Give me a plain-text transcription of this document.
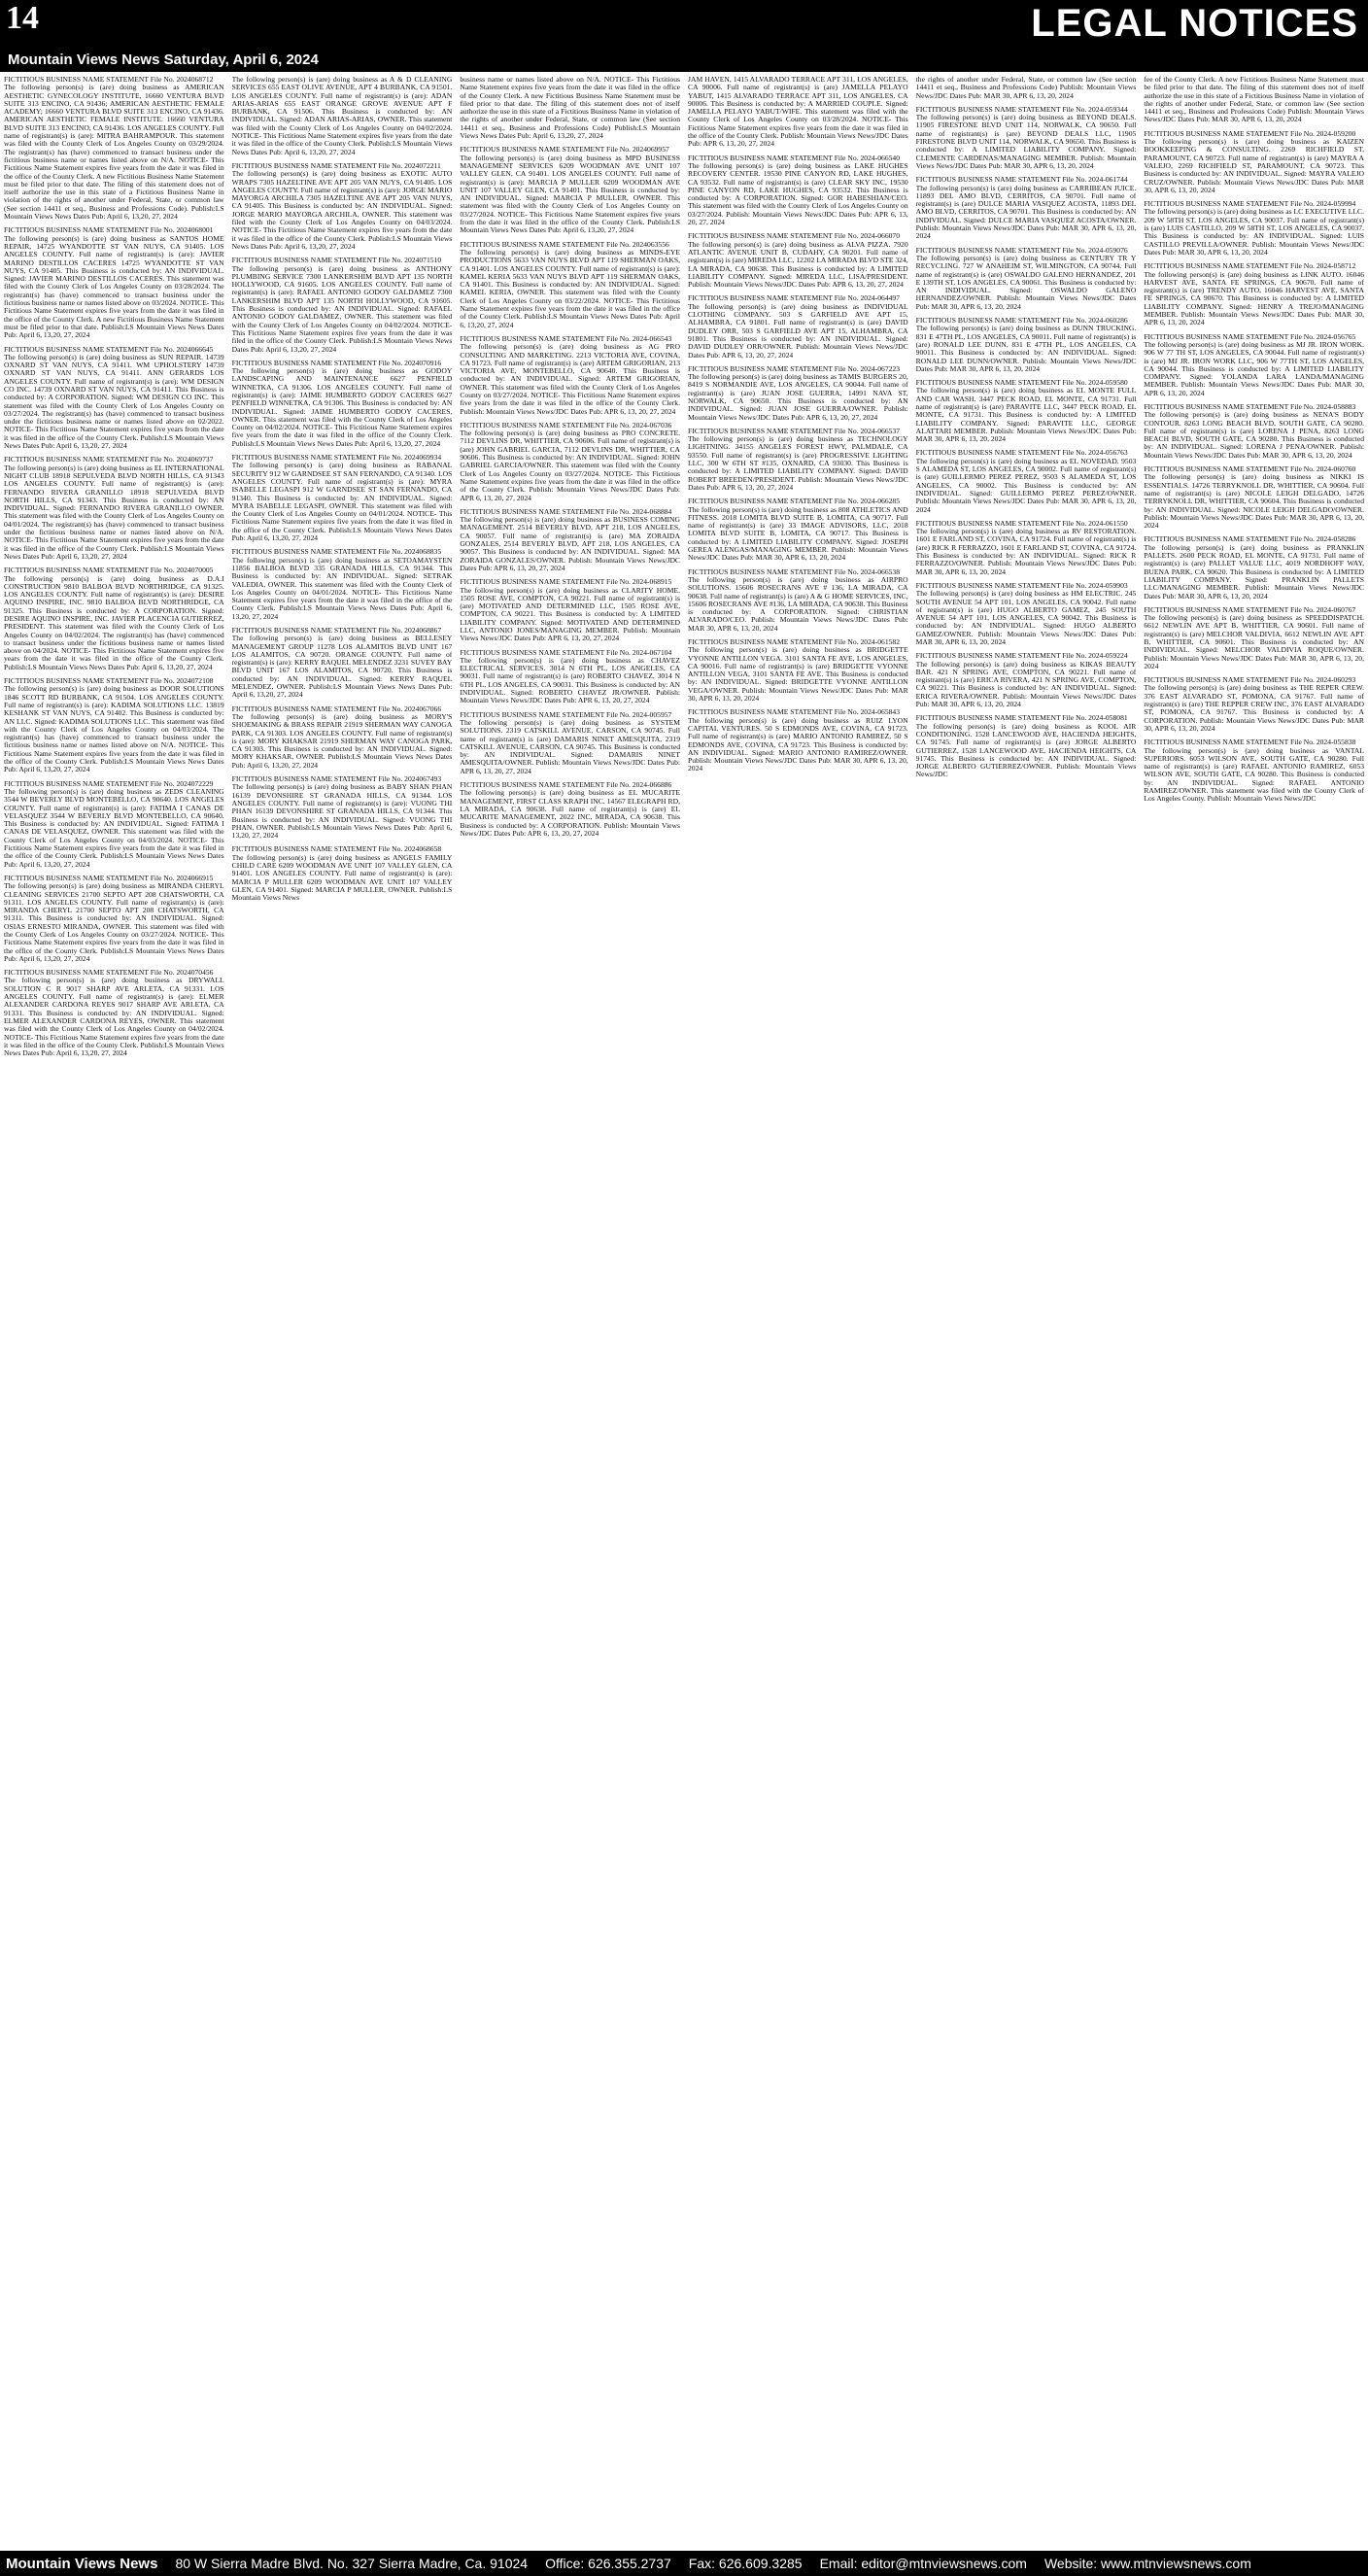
14	LEGAL NOTICES
Mountain Views News Saturday, April 6, 2024
FICTITIOUS BUSINESS NAME STATEMENT File No. 2024068712
The following person(s) is (are) doing business as AMERICAN AESTHETIC GYNECOLOGY INSTITUTE, 16660 VENTURA BLVD SUITE 313 ENCINO, CA 91436; AMERICAN AESTHETIC FEMALE ACADEMY; 16660 VENTURA BLVD SUITE 313 ENCINO, CA 91436. AMERICAN AESTHETIC FEMALE INSTITUTE. 16660 VENTURA BLVD SUITE 313 ENCINO, CA 91436. LOS ANGELES COUNTY. Full name of registrant(s) is (are): MITRA BAHRAMPOUR. This statement was filed with the County Clerk of Los Angeles County on 03/29/2024. The registrant(s) has (have) commenced to transact business under the fictitious business name or names listed above on N/A. NOTICE- This Fictitious Name Statement expires five years from the date it was filed in the office of the County Clerk. A new Fictitious Business Name Statement must be filed prior to that date. The filing of this statement does not of itself authorize the use in this state of a Fictitious Business Name in violation of the rights of another under Federal, State, or common law (See section 14411 et seq., Business and Professions Code). Publish:LS Mountain Views News Dates Pub: April 6, 13,20, 27, 2024
FICTITIOUS BUSINESS NAME STATEMENT File No. 2024068001
The following person(s) is (are) doing business as SANTOS HOME REPAIR, 14725 WYANDOTTE ST VAN NUYS, CA 91405. LOS ANGELES COUNTY. Full name of registrant(s) is (are): JAVIER MARINO DESTILLOS CACERES 14725 WYANDOTTE ST VAN NUYS, CA 91405. This Business is conducted by: AN INDIVIDUAL. Signed: JAVIER MARINO DESTILLOS CACERES. This statement was filed with the County Clerk of Los Angeles County on 03/28/2024. The registrant(s) has (have) commenced to transact business under the fictitious business name or names listed above on 03/2024. NOTICE- This Fictitious Name Statement expires five years from the date it was filed in the office of the County Clerk. A new Fictitious Business Name Statement must be filed prior to that date. Publish:LS Mountain Views News Dates Pub: April 6, 13,20, 27, 2024
FICTITIOUS BUSINESS NAME STATEMENT File No. 2024066645
The following person(s) is (are) doing business as SUN REPAIR. 14739 OXNARD ST VAN NUYS, CA 91411. WM UPHOLSTERY 14739 OXNARD ST VAN NUYS, CA 91411. ANN GERARDS LOS ANGELES COUNTY. Full name of registrant(s) is (are): WM DESIGN CO INC. 14739 OXNARD ST VAN NUYS, CA 91411. This Business is conducted by: A CORPORATION. Signed: WM DESIGN CO INC. This statement was filed with the County Clerk of Los Angeles County on 03/27/2024. The registrant(s) has (have) commenced to transact business under the fictitious business name or names listed above on 02/2022. NOTICE- This Fictitious Name Statement expires five years from the date it was filed in the office of the County Clerk. Publish:LS Mountain Views News Dates Pub: April 6, 13,20, 27, 2024
FICTITIOUS BUSINESS NAME STATEMENT File No. 2024069737
The following person(s) is (are) doing business as EL INTERNATIONAL NIGHT CLUB 18918 SEPULVEDA BLVD NORTH HILLS, CA 91343 LOS ANGELES COUNTY. Full name of registrant(s) is (are): FERNANDO RIVERA GRANILLO 18918 SEPULVEDA BLVD NORTH HILLS, CA 91343. This Business is conducted by: AN INDIVIDUAL. Signed: FERNANDO RIVERA GRANILLO OWNER. This statement was filed with the County Clerk of Los Angeles County on 04/01/2024. The registrant(s) has (have) commenced to transact business under the fictitious business name or names listed above on N/A. NOTICE- This Fictitious Name Statement expires five years from the date it was filed in the office of the County Clerk. Publish:LS Mountain Views News Dates Pub: April 6, 13,20, 27, 2024
FICTITIOUS BUSINESS NAME STATEMENT File No. 2024070005
The following person(s) is (are) doing business as D.A.I CONSTRUCTION 9810 BALBOA BLVD NORTHRIDGE, CA 91325. LOS ANGELES COUNTY. Full name of registrant(s) is (are): DESIRE AQUINO INSPIRE, INC. 9810 BALBOA BLVD NORTHRIDGE, CA 91325. This Business is conducted by: A CORPORATION. Signed: DESIRE AQUINO INSPIRE, INC. JAVIER PLACENCIA GUTIERREZ, PRESIDENT. This statement was filed with the County Clerk of Los Angeles County on 04/02/2024. The registrant(s) has (have) commenced to transact business under the fictitious business name or names listed above on 04/2024. NOTICE- This Fictitious Name Statement expires five years from the date it was filed in the office of the County Clerk. Publish:LS Mountain Views News Dates Pub: April 6, 13,20, 27, 2024
FICTITIOUS BUSINESS NAME STATEMENT File No. 2024072108
The following person(s) is (are) doing business as DOOR SOLUTIONS 1846 SCOTT RD BURBANK, CA 91504. LOS ANGELES COUNTY. Full name of registrant(s) is (are): KADIMA SOLUTIONS LLC. 13819 KESHANK ST VAN NUYS, CA 91402. This Business is conducted by: AN LLC. Signed: KADIMA SOLUTIONS LLC. This statement was filed with the County Clerk of Los Angeles County on 04/03/2024. The registrant(s) has (have) commenced to transact business under the fictitious business name or names listed above on N/A. NOTICE- This Fictitious Name Statement expires five years from the date it was filed in the office of the County Clerk. Publish:LS Mountain Views News Dates Pub: April 6, 13,20, 27, 2024
FICTITIOUS BUSINESS NAME STATEMENT File No. 2024072229
The following person(s) is (are) doing business as ZEDS CLEANING 3544 W BEVERLY BLVD MONTEBELLO, CA 90640. LOS ANGELES COUNTY. Full name of registrant(s) is (are): FATIMA I CANAS DE VELASQUEZ 3544 W BEVERLY BLVD MONTEBELLO, CA 90640. This Business is conducted by: AN INDIVIDUAL. Signed: FATIMA I CANAS DE VELASQUEZ, OWNER. This statement was filed with the County Clerk of Los Angeles County on 04/03/2024. NOTICE- This Fictitious Name Statement expires five years from the date it was filed in the office of the County Clerk. Publish:LS Mountain Views News Dates Pub: April 6, 13,20, 27, 2024
FICTITIOUS BUSINESS NAME STATEMENT File No. 2024066915
The following person(s) is (are) doing business as MIRANDA CHERYL CLEANING SERVICES 21700 SEPTO APT 208 CHATSWORTH, CA 91311. LOS ANGELES COUNTY. Full name of registrant(s) is (are): MIRANDA CHERYL 21700 SEPTO APT 208 CHATSWORTH, CA 91311. This Business is conducted by: AN INDIVIDUAL. Signed: OSIAS ERNESTO MIRANDA, OWNER. This statement was filed with the County Clerk of Los Angeles County on 03/27/2024. NOTICE- This Fictitious Name Statement expires five years from the date it was filed in the office of the County Clerk. Publish:LS Mountain Views News Dates Pub: April 6, 13,20, 27, 2024
FICTITIOUS BUSINESS NAME STATEMENT File No. 2024070456
The following person(s) is (are) doing business as DRYWALL SOLUTION C R 9017 SHARP AVE ARLETA, CA 91331. LOS ANGELES COUNTY. Full name of registrant(s) is (are): ELMER ALEXANDER CARDONA REYES 9017 SHARP AVE ARLETA, CA 91331. This Business is conducted by: AN INDIVIDUAL. Signed: ELMER ALEXANDER CARDONA REYES, OWNER. This statement was filed with the County Clerk of Los Angeles County on 04/02/2024. NOTICE- This Fictitious Name Statement expires five years from the date it was filed in the office of the County Clerk. Publish:LS Mountain Views News Dates Pub: April 6, 13,20, 27, 2024
The following person(s) is (are) doing business as A & D CLEANING SERVICES 655 EAST OLIVE AVENUE, APT 4 BURBANK, CA 91501. LOS ANGELES COUNTY. Full name of registrant(s) is (are): ADAN ARIAS-ARIAS 655 EAST ORANGE GROVE AVENUE APT F BURBANK, CA 91506. This Business is conducted by: AN INDIVIDUAL. Signed: ADAN ARIAS-ARIAS, OWNER. This statement was filed with the County Clerk of Los Angeles County on 04/02/2024. NOTICE- This Fictitious Name Statement expires five years from the date it was filed in the office of the County Clerk. Publish:LS Mountain Views News Dates Pub: April 6, 13,20, 27, 2024
FICTITIOUS BUSINESS NAME STATEMENT File No. 2024072211
The following person(s) is (are) doing business as EXOTIC AUTO WRAPS 7305 HAZELTINE AVE APT 205 VAN NUYS, CA 91405. LOS ANGELES COUNTY. Full name of registrant(s) is (are): JORGE MARIO MAYORGA ARCHILA 7305 HAZELTINE AVE APT 205 VAN NUYS, CA 91405. This Business is conducted by: AN INDIVIDUAL. Signed: JORGE MARIO MAYORGA ARCHILA, OWNER. This statement was filed with the County Clerk of Los Angeles County on 04/03/2024. NOTICE- This Fictitious Name Statement expires five years from the date it was filed in the office of the County Clerk. Publish:LS Mountain Views News Dates Pub: April 6, 13,20, 27, 2024
FICTITIOUS BUSINESS NAME STATEMENT File No. 2024071510
The following person(s) is (are) doing business as ANTHONY PLUMBING SERVICE 7300 LANKERSHIM BLVD APT 135 NORTH HOLLYWOOD, CA 91605. LOS ANGELES COUNTY. Full name of registrant(s) is (are): RAFAEL ANTONIO GODOY GALDAMEZ 7300 LANKERSHIM BLVD APT 135 NORTH HOLLYWOOD, CA 91605. This Business is conducted by: AN INDIVIDUAL. Signed: RAFAEL ANTONIO GODOY GALDAMEZ, OWNER. This statement was filed with the County Clerk of Los Angeles County on 04/02/2024. NOTICE- This Fictitious Name Statement expires five years from the date it was filed in the office of the County Clerk. Publish:LS Mountain Views News Dates Pub: April 6, 13,20, 27, 2024
FICTITIOUS BUSINESS NAME STATEMENT File No. 2024070916
The following person(s) is (are) doing business as GODOY LANDSCAPING AND MAINTENANCE 6627 PENFIELD WINNETKA, CA 91306. LOS ANGELES COUNTY. Full name of registrant(s) is (are): JAIME HUMBERTO GODOY CACERES 6627 PENFIELD WINNETKA, CA 91306. This Business is conducted by: AN INDIVIDUAL. Signed: JAIME HUMBERTO GODOY CACERES, OWNER. This statement was filed with the County Clerk of Los Angeles County on 04/02/2024. NOTICE- This Fictitious Name Statement expires five years from the date it was filed in the office of the County Clerk. Publish:LS Mountain Views News Dates Pub: April 6, 13,20, 27, 2024
FICTITIOUS BUSINESS NAME STATEMENT File No. 2024069934
The following person(s) is (are) doing business as RABANAL SECURITY 912 W GARNDSEE ST SAN FERNANDO, CA 91340. LOS ANGELES COUNTY. Full name of registrant(s) is (are): MYRA ISABELLE LEGASPI 912 W GARNDSEE ST SAN FERNANDO, CA 91340. This Business is conducted by: AN INDIVIDUAL. Signed: MYRA ISABELLE LEGASPI, OWNER. This statement was filed with the County Clerk of Los Angeles County on 04/01/2024. NOTICE- This Fictitious Name Statement expires five years from the date it was filed in the office of the County Clerk. Publish:LS Mountain Views News Dates Pub: April 6, 13,20, 27, 2024
FICTITIOUS BUSINESS NAME STATEMENT File No. 2024068835
The following person(s) is (are) doing business as SETOAMAYSTEN 11856 BALBOA BLVD 335 GRANADA HILLS, CA 91344. This Business is conducted by: AN INDIVIDUAL. Signed: SETRAK VALEDIA, OWNER. This statement was filed with the County Clerk of Los Angeles County on 04/01/2024. NOTICE- This Fictitious Name Statement expires five years from the date it was filed in the office of the County Clerk. Publish:LS Mountain Views News Dates Pub: April 6, 13,20, 27, 2024
FICTITIOUS BUSINESS NAME STATEMENT File No. 2024068867
The following person(s) is (are) doing business as BELLESEY MANAGEMENT GROUP 11278 LOS ALAMITOS BLVD UNIT 167 LOS ALAMITOS, CA 90720. ORANGE COUNTY. Full name of registrant(s) is (are): KERRY RAQUEL MELENDEZ 3231 SUVEY BAY BLVD UNIT 167 LOS ALAMITOS, CA 90720. This Business is conducted by: AN INDIVIDUAL. Signed: KERRY RAQUEL MELENDEZ, OWNER. Publish:LS Mountain Views News Dates Pub: April 6, 13,20, 27, 2024
FICTITIOUS BUSINESS NAME STATEMENT File No. 2024067066
The following person(s) is (are) doing business as MORY'S SHOEMAKING & BRASS REPAIR 21919 SHERMAN WAY CANOGA PARK, CA 91303. LOS ANGELES COUNTY. Full name of registrant(s) is (are): MORY KHAKSAR 21919 SHERMAN WAY CANOGA PARK, CA 91303. This Business is conducted by: AN INDIVIDUAL. Signed: MORY KHAKSAR, OWNER. Publish:LS Mountain Views News Dates Pub: April 6, 13,20, 27, 2024
FICTITIOUS BUSINESS NAME STATEMENT File No. 2024067493
The following person(s) is (are) doing business as BABY SHAN PHAN 16139 DEVONSHIRE ST GRANADA HILLS, CA 91344. LOS ANGELES COUNTY. Full name of registrant(s) is (are): VUONG THI PHAN 16139 DEVONSHIRE ST GRANADA HILLS, CA 91344. This Business is conducted by: AN INDIVIDUAL. Signed: VUONG THI PHAN, OWNER. Publish:LS Mountain Views News Dates Pub: April 6, 13,20, 27, 2024
FICTITIOUS BUSINESS NAME STATEMENT File No. 2024068658
The following person(s) is (are) doing business as ANGELS FAMILY CHILD CARE 6209 WOODMAN AVE UNIT 107 VALLEY GLEN, CA 91401. LOS ANGELES COUNTY. Full name of registrant(s) is (are): MARCIA P MULLER 6209 WOODMAN AVE UNIT 107 VALLEY GLEN, CA 91401. Signed: MARCIA P MULLER, OWNER. Publish:LS Mountain Views News
business name or names listed above on N/A. NOTICE- This Fictitious Name Statement expires five years from the date it was filed in the office of the County Clerk. A new Fictitious Business Name Statement must be filed prior to that date. The filing of this statement does not of itself authorize the use in this state of a Fictitious Business Name in violation of the rights of another under Federal, State, or common law (See section 14411 et seq., Business and Professions Code) Publish:LS Mountain Views News Dates Pub: April 6, 13,20, 27, 2024
FICTITIOUS BUSINESS NAME STATEMENT File No. 2024069957
The following person(s) is (are) doing business as MPD BUSINESS MANAGEMENT SERVICES 6209 WOODMAN AVE UNIT 107 VALLEY GLEN, CA 91401. LOS ANGELES COUNTY. Full name of registrant(s) is (are): MARCIA P MULLER 6209 WOODMAN AVE UNIT 107 VALLEY GLEN, CA 91401. This Business is conducted by: AN INDIVIDUAL. Signed: MARCIA P MULLER, OWNER. This statement was filed with the County Clerk of Los Angeles County on 03/27/2024. NOTICE- This Fictitious Name Statement expires five years from the date it was filed in the office of the County Clerk. Publish:LS Mountain Views News Dates Pub: April 6, 13,20, 27, 2024
FICTITIOUS BUSINESS NAME STATEMENT File No. 2024063556
The following person(s) is (are) doing business as MINDS-EYE PRODUCTIONS 5633 VAN NUYS BLVD APT 119 SHERMAN OAKS, CA 91401. LOS ANGELES COUNTY. Full name of registrant(s) is (are): KAMEL KERIA 5633 VAN NUYS BLVD APT 119 SHERMAN OAKS, CA 91401. This Business is conducted by: AN INDIVIDUAL. Signed: KAMEL KERIA, OWNER. This statement was filed with the County Clerk of Los Angeles County on 03/22/2024. NOTICE- This Fictitious Name Statement expires five years from the date it was filed in the office of the County Clerk. Publish:LS Mountain Views News Dates Pub: April 6, 13,20, 27, 2024
FICTITIOUS BUSINESS NAME STATEMENT File No. 2024-066543
The following person(s) is (are) doing business as AG PRO CONSULTING AND MARKETING. 2213 VICTORIA AVE, COVINA, CA 91723. Full name of registrant(s) is (are) ARTEM GRIGORIAN, 213 VICTORIA AVE, MONTEBELLO, CA 90640. This Business is conducted by: AN INDIVIDUAL. Signed: ARTEM GRIGORIAN, OWNER. This statement was filed with the County Clerk of Los Angeles County on 03/27/2024. NOTICE- This Fictitious Name Statement expires five years from the date it was filed in the office of the County Clerk. Publish: Mountain Views News/JDC Dates Pub: APR 6, 13, 20, 27, 2024
FICTITIOUS BUSINESS NAME STATEMENT File No. 2024-067036
The following person(s) is (are) doing business as PRO CONCRETE. 7112 DEVLINS DR, WHITTIER, CA 90606. Full name of registrant(s) is (are) JOHN GABRIEL GARCIA, 7112 DEVLINS DR, WHITTIER, CA 90606. This Business is conducted by: AN INDIVIDUAL. Signed: JOHN GABRIEL GARCIA/OWNER. This statement was filed with the County Clerk of Los Angeles County on 03/27/2024. NOTICE- This Fictitious Name Statement expires five years from the date it was filed in the office of the County Clerk. Publish: Mountain Views News/JDC Dates Pub: APR 6, 13, 20, 27, 2024
FICTITIOUS BUSINESS NAME STATEMENT File No. 2024-068884
The following person(s) is (are) doing business as BUSINESS COMING MANAGEMENT. 2514 BEVERLY BLVD, APT 218, LOS ANGELES, CA 90057. Full name of registrant(s) is (are) MA ZORAIDA GONZALES, 2514 BEVERLY BLVD, APT 218, LOS ANGELES, CA 90057. This Business is conducted by: AN INDIVIDUAL. Signed: MA ZORAIDA GONZALES/OWNER. Publish: Mountain Views News/JDC Dates Pub: APR 6, 13, 20, 27, 2024
FICTITIOUS BUSINESS NAME STATEMENT File No. 2024-068915
The following person(s) is (are) doing business as CLARITY HOME. 1505 ROSE AVE, COMPTON, CA 90221. Full name of registrant(s) is (are) MOTIVATED AND DETERMINED LLC, 1505 ROSE AVE, COMPTON, CA 90221. This Business is conducted by: A LIMITED LIABILITY COMPANY. Signed: MOTIVATED AND DETERMINED LLC, ANTONIO JONES/MANAGING MEMBER. Publish: Mountain Views News/JDC Dates Pub: APR 6, 13, 20, 27, 2024
FICTITIOUS BUSINESS NAME STATEMENT File No. 2024-067104
The following person(s) is (are) doing business as CHAVEZ ELECTRICAL SERVICES. 3014 N 6TH PL, LOS ANGELES, CA 90031. Full name of registrant(s) is (are) ROBERTO CHAVEZ, 3014 N 6TH PL, LOS ANGELES, CA 90031. This Business is conducted by: AN INDIVIDUAL. Signed: ROBERTO CHAVEZ JR/OWNER. Publish: Mountain Views News/JDC Dates Pub: APR 6, 13, 20, 27, 2024
FICTITIOUS BUSINESS NAME STATEMENT File No. 2024-005957
The following person(s) is (are) doing business as SYSTEM SOLUTIONS. 2319 CATSKILL AVENUE, CARSON, CA 90745. Full name of registrant(s) is (are) DAMARIS NINET AMESQUITA, 2319 CATSKILL AVENUE, CARSON, CA 90745. This Business is conducted by: AN INDIVIDUAL. Signed: DAMARIS NINET AMESQUITA/OWNER. Publish: Mountain Views News/JDC Dates Pub: APR 6, 13, 20, 27, 2024
FICTITIOUS BUSINESS NAME STATEMENT File No. 2024-066886
The following person(s) is (are) doing business as EL MUCARITE MANAGEMENT, FIRST CLASS KRAPH INC. 14567 ELEGRAPH RD, LA MIRADA, CA 90638. Full name of registrant(s) is (are) EL MUCARITE MANAGEMENT, 2022 INC, MIRADA, CA 90638. This Business is conducted by: A CORPORATION. Publish: Mountain Views News/JDC Dates Pub: APR 6, 13, 20, 27, 2024
JAM HAVEN, 1415 ALVARADO TERRACE APT 311, LOS ANGELES, CA 90006. Full name of registrant(s) is (are) JAMELLA PELAYO YABUT, 1415 ALVARADO TERRACE APT 311, LOS ANGELES, CA 90006. This Business is conducted by: A MARRIED COUPLE. Signed: JAMELLA PELAYO YABUT/WIFE. This statement was filed with the County Clerk of Los Angeles County on 03/28/2024. NOTICE- This Fictitious Name Statement expires five years from the date it was filed in the office of the County Clerk. Publish: Mountain Views News/JDC Dates Pub: APR 6, 13, 20, 27, 2024
FICTITIOUS BUSINESS NAME STATEMENT File No. 2024-066540
The following person(s) is (are) doing business as LAKE HUGHES RECOVERY CENTER. 19530 PINE CANYON RD, LAKE HUGHES, CA 93532. Full name of registrant(s) is (are) CLEAR SKY INC, 19530 PINE CANYON RD, LAKE HUGHES, CA 93532. This Business is conducted by: A CORPORATION. Signed: GOR HABESHIAN/CEO. This statement was filed with the County Clerk of Los Angeles County on 03/27/2024. Publish: Mountain Views News/JDC Dates Pub: APR 6, 13, 20, 27, 2024
FICTITIOUS BUSINESS NAME STATEMENT File No. 2024-066070
The following person(s) is (are) doing business as ALVA PIZZA. 7920 ATLANTIC AVENUE UNIT B, CUDAHY, CA 90201. Full name of registrant(s) is (are) MIREDA LLC, 12202 LA MIRADA BLVD STE 324, LA MIRADA, CA 90638. This Business is conducted by: A LIMITED LIABILITY COMPANY. Signed: MIREDA LLC, LISA/PRESIDENT. Publish: Mountain Views News/JDC Dates Pub: APR 6, 13, 20, 27, 2024
FICTITIOUS BUSINESS NAME STATEMENT File No. 2024-064497
The following person(s) is (are) doing business as INDIVIDUAL CLOTHING COMPANY. 503 S GARFIELD AVE APT 15, ALHAMBRA, CA 91801. Full name of registrant(s) is (are) DAVID DUDLEY ORR, 503 S GARFIELD AVE APT 15, ALHAMBRA, CA 91801. This Business is conducted by: AN INDIVIDUAL. Signed: DAVID DUDLEY ORR/OWNER. Publish: Mountain Views News/JDC Dates Pub: APR 6, 13, 20, 27, 2024
FICTITIOUS BUSINESS NAME STATEMENT File No. 2024-067223
The following person(s) is (are) doing business as TAMIS BURGERS 20, 8419 S NORMANDIE AVE, LOS ANGELES, CA 90044. Full name of registrant(s) is (are) JUAN JOSE GUERRA, 14991 NAVA ST, NORWALK, CA 90650. This Business is conducted by: AN INDIVIDUAL. Signed: JUAN JOSE GUERRA/OWNER. Publish: Mountain Views News/JDC Dates Pub: APR 6, 13, 20, 27, 2024
FICTITIOUS BUSINESS NAME STATEMENT File No. 2024-066537
The following person(s) is (are) doing business as TECHNOLOGY LIGHTNING. 34155 ANGELES FOREST HWY, PALMDALE, CA 93550. Full name of registrant(s) is (are) PROGRESSIVE LIGHTING LLC, 300 W 6TH ST #135, OXNARD, CA 93030. This Business is conducted by: A LIMITED LIABILITY COMPANY. Signed: DAVID ROBERT BREEDEN/PRESIDENT. Publish: Mountain Views News/JDC Dates Pub: APR 6, 13, 20, 27, 2024
FICTITIOUS BUSINESS NAME STATEMENT File No. 2024-066285
The following person(s) is (are) doing business as 808 ATHLETICS AND FITNESS. 2018 LOMITA BLVD SUITE B, LOMITA, CA 90717. Full name of registrant(s) is (are) 33 IMAGE ADVISORS, LLC, 2018 LOMITA BLVD SUITE B, LOMITA, CA 90717. This Business is conducted by: A LIMITED LIABILITY COMPANY. Signed: JOSEPH GEREA ALENGAS/MANAGING MEMBER. Publish: Mountain Views News/JDC Dates Pub: MAR 30, APR 6, 13, 20, 2024
FICTITIOUS BUSINESS NAME STATEMENT File No. 2024-066538
The following person(s) is (are) doing business as AIRPRO SOLUTIONS. 15606 ROSECRANS AVE # 136, LA MIRADA, CA 90638. Full name of registrant(s) is (are) A & G HOME SERVICES, INC, 15606 ROSECRANS AVE #136, LA MIRADA, CA 90638. This Business is conducted by: A CORPORATION. Signed: CHRISTIAN ALVARADO/CEO. Publish: Mountain Views News/JDC Dates Pub: MAR 30, APR 6, 13, 20, 2024
FICTITIOUS BUSINESS NAME STATEMENT File No. 2024-061582
The following person(s) is (are) doing business as BRIDGETTE VYONNE ANTILLON VEGA. 3101 SANTA FE AVE, LOS ANGELES, CA 90016. Full name of registrant(s) is (are) BRIDGETTE VYONNE ANTILLON VEGA, 3101 SANTA FE AVE. This Business is conducted by: AN INDIVIDUAL. Signed: BRIDGETTE VYONNE ANTILLON VEGA/OWNER. Publish: Mountain Views News/JDC Dates Pub: MAR 30, APR 6, 13, 20, 2024
FICTITIOUS BUSINESS NAME STATEMENT File No. 2024-065843
The following person(s) is (are) doing business as RUIZ LYON CAPITAL VENTURES. 50 S EDMONDS AVE, COVINA, CA 91723. Full name of registrant(s) is (are) MARIO ANTONIO RAMIREZ, 50 S EDMONDS AVE, COVINA, CA 91723. This Business is conducted by: AN INDIVIDUAL. Signed: MARIO ANTONIO RAMIREZ/OWNER. Publish: Mountain Views News/JDC Dates Pub: MAR 30, APR 6, 13, 20, 2024
the rights of another under Federal, State, or common law (See section 14411 et seq., Business and Professions Code) Publish: Mountain Views News/JDC Dates Pub: MAR 30, APR 6, 13, 20, 2024
FICTITIOUS BUSINESS NAME STATEMENT File No. 2024-059344
The following person(s) is (are) doing business as BEYOND DEALS. 11905 FIRESTONE BLVD UNIT 114, NORWALK, CA 90650. Full name of registrant(s) is (are) BEYOND DEALS LLC, 11905 FIRESTONE BLVD UNIT 114, NORWALK, CA 90650. This Business is conducted by: A LIMITED LIABILITY COMPANY. Signed: CLEMENTE CARDENAS/MANAGING MEMBER. Publish: Mountain Views News/JDC Dates Pub: MAR 30, APR 6, 13, 20, 2024
FICTITIOUS BUSINESS NAME STATEMENT File No. 2024-061744
The following person(s) is (are) doing business as CARRIBEAN JUICE. 11893 DEL AMO BLVD, CERRITOS, CA 90701. Full name of registrant(s) is (are) DULCE MARIA VASQUEZ ACOSTA, 11893 DEL AMO BLVD, CERRITOS, CA 90701. This Business is conducted by: AN INDIVIDUAL. Signed: DULCE MARIA VASQUEZ ACOSTA/OWNER. Publish: Mountain Views News/JDC Dates Pub: MAR 30, APR 6, 13, 20, 2024
FICTITIOUS BUSINESS NAME STATEMENT File No. 2024-059076
The following person(s) is (are) doing business as CENTURY TR Y RECYCLING. 727 W ANAHEIM ST, WILMINGTON, CA 90744. Full name of registrant(s) is (are) OSWALDO GALENO HERNANDEZ, 201 E 139TH ST, LOS ANGELES, CA 90061. This Business is conducted by: AN INDIVIDUAL. Signed: OSWALDO GALENO HERNANDEZ/OWNER. Publish: Mountain Views News/JDC Dates Pub: MAR 30, APR 6, 13, 20, 2024
FICTITIOUS BUSINESS NAME STATEMENT File No. 2024-060286
The following person(s) is (are) doing business as DUNN TRUCKING. 831 E 47TH PL, LOS ANGELES, CA 90011. Full name of registrant(s) is (are) RONALD LEE DUNN, 831 E 47TH PL, LOS ANGELES, CA 90011. This Business is conducted by: AN INDIVIDUAL. Signed: RONALD LEE DUNN/OWNER. Publish: Mountain Views News/JDC Dates Pub: MAR 30, APR 6, 13, 20, 2024
FICTITIOUS BUSINESS NAME STATEMENT File No. 2024-059580
The following person(s) is (are) doing business as EL MONTE FULL AND CAR WASH. 3447 PECK ROAD, EL MONTE, CA 91731. Full name of registrant(s) is (are) PARAVITE LLC, 3447 PECK ROAD, EL MONTE, CA 91731. This Business is conducted by: A LIMITED LIABILITY COMPANY. Signed: PARAVITE LLC, GEORGE ALATTARI MEMBER. Publish: Mountain Views News/JDC Dates Pub: MAR 30, APR 6, 13, 20, 2024
FICTITIOUS BUSINESS NAME STATEMENT File No. 2024-056763
The following person(s) is (are) doing business as EL NOVEDAD. 9503 S ALAMEDA ST, LOS ANGELES, CA 90002. Full name of registrant(s) is (are) GUILLERMO PEREZ PEREZ, 9503 S ALAMEDA ST, LOS ANGELES, CA 90002. This Business is conducted by: AN INDIVIDUAL. Signed: GUILLERMO PEREZ PEREZ/OWNER. Publish: Mountain Views News/JDC Dates Pub: MAR 30, APR 6, 13, 20, 2024
FICTITIOUS BUSINESS NAME STATEMENT File No. 2024-061550
The following person(s) is (are) doing business as RV RESTORATION. 1601 E FARLAND ST, COVINA, CA 91724. Full name of registrant(s) is (are) RICK R FERRAZZO, 1601 E FARLAND ST, COVINA, CA 91724. This Business is conducted by: AN INDIVIDUAL. Signed: RICK R FERRAZZO/OWNER. Publish: Mountain Views News/JDC Dates Pub: MAR 30, APR 6, 13, 20, 2024
FICTITIOUS BUSINESS NAME STATEMENT File No. 2024-059903
The following person(s) is (are) doing business as HM ELECTRIC. 245 SOUTH AVENUE 54 APT 101, LOS ANGELES, CA 90042. Full name of registrant(s) is (are) HUGO ALBERTO GAMEZ, 245 SOUTH AVENUE 54 APT 101, LOS ANGELES, CA 90042. This Business is conducted by: AN INDIVIDUAL. Signed: HUGO ALBERTO GAMEZ/OWNER. Publish: Mountain Views News/JDC Dates Pub: MAR 30, APR 6, 13, 20, 2024
FICTITIOUS BUSINESS NAME STATEMENT File No. 2024-059224
The following person(s) is (are) doing business as KIKAS BEAUTY BAR. 421 N SPRING AVE, COMPTON, CA 90221. Full name of registrant(s) is (are) ERICA RIVERA, 421 N SPRING AVE, COMPTON, CA 90221. This Business is conducted by: AN INDIVIDUAL. Signed: ERICA RIVERA/OWNER. Publish: Mountain Views News/JDC Dates Pub: MAR 30, APR 6, 13, 20, 2024
FICTITIOUS BUSINESS NAME STATEMENT File No. 2024-058081
The following person(s) is (are) doing business as KOOL AIR CONDITIONING. 1528 LANCEWOOD AVE, HACIENDA HEIGHTS, CA 91745. Full name of registrant(s) is (are) JORGE ALBERTO GUTIERREZ, 1528 LANCEWOOD AVE, HACIENDA HEIGHTS, CA 91745. This Business is conducted by: AN INDIVIDUAL. Signed: JORGE ALBERTO GUTIERREZ/OWNER. Publish: Mountain Views News/JDC
fee of the County Clerk. A new Fictitious Business Name Statement must be filed prior to that date. The filing of this statement does not of itself authorize the use in this state of a Fictitious Business Name in violation of the rights of another under Federal, State, or common law (See section 14411 et seq., Business and Professions Code) Publish: Mountain Views News/JDC Dates Pub: MAR 30, APR 6, 13, 20, 2024
FICTITIOUS BUSINESS NAME STATEMENT File No. 2024-059200
The following person(s) is (are) doing business as KAIZEN BOOKKEEPING & CONSULTING. 2269 RICHFIELD ST, PARAMOUNT, CA 90723. Full name of registrant(s) is (are) MAYRA A VALEJO, 2269 RICHFIELD ST, PARAMOUNT, CA 90723. This Business is conducted by: AN INDIVIDUAL. Signed: MAYRA VALEJO CRUZ/OWNER. Publish: Mountain Views News/JDC Dates Pub: MAR 30, APR 6, 13, 20, 2024
FICTITIOUS BUSINESS NAME STATEMENT File No. 2024-059994
The following person(s) is (are) doing business as LC EXECUTIVE LLC. 209 W 58TH ST, LOS ANGELES, CA 90037. Full name of registrant(s) is (are) LUIS CASTILLO, 209 W 58TH ST, LOS ANGELES, CA 90037. This Business is conducted by: AN INDIVIDUAL. Signed: LUIS CASTILLO PREVILLA/OWNER. Publish: Mountain Views News/JDC Dates Pub: MAR 30, APR 6, 13, 20, 2024
FICTITIOUS BUSINESS NAME STATEMENT File No. 2024-058712
The following person(s) is (are) doing business as LINK AUTO. 16046 HARVEST AVE, SANTA FE SPRINGS, CA 90670. Full name of registrant(s) is (are) TRENDY AUTO, 16046 HARVEST AVE, SANTA FE SPRINGS, CA 90670. This Business is conducted by: A LIMITED LIABILITY COMPANY. Signed: HENRY A TREJO/MANAGING MEMBER. Publish: Mountain Views News/JDC Dates Pub: MAR 30, APR 6, 13, 20, 2024
FICTITIOUS BUSINESS NAME STATEMENT File No. 2024-056765
The following person(s) is (are) doing business as MJ JR. IRON WORK. 906 W 77 TH ST, LOS ANGELES, CA 90044. Full name of registrant(s) is (are) MJ JR. IRON WORK LLC, 906 W 77TH ST, LOS ANGELES, CA 90044. This Business is conducted by: A LIMITED LIABILITY COMPANY. Signed: YOLANDA LARA LANDA/MANAGING MEMBER. Publish: Mountain Views News/JDC Dates Pub: MAR 30, APR 6, 13, 20, 2024
FICTITIOUS BUSINESS NAME STATEMENT File No. 2024-058883
The following person(s) is (are) doing business as NENA'S BODY CONTOUR. 8263 LONG BEACH BLVD, SOUTH GATE, CA 90280. Full name of registrant(s) is (are) LORENA J PENA, 8263 LONG BEACH BLVD, SOUTH GATE, CA 90280. This Business is conducted by: AN INDIVIDUAL. Signed: LORENA J PENA/OWNER. Publish: Mountain Views News/JDC Dates Pub: MAR 30, APR 6, 13, 20, 2024
FICTITIOUS BUSINESS NAME STATEMENT File No. 2024-060760
The following person(s) is (are) doing business as NIKKI IS ESSENTIALS. 14726 TERRYKNOLL DR, WHITTIER, CA 90604. Full name of registrant(s) is (are) NICOLE LEIGH DELGADO, 14726 TERRYKNOLL DR, WHITTIER, CA 90604. This Business is conducted by: AN INDIVIDUAL. Signed: NICOLE LEIGH DELGADO/OWNER. Publish: Mountain Views News/JDC Dates Pub: MAR 30, APR 6, 13, 20, 2024
FICTITIOUS BUSINESS NAME STATEMENT File No. 2024-058286
The following person(s) is (are) doing business as PRANKLIN PALLETS. 2600 PECK ROAD, EL MONTE, CA 91731. Full name of registrant(s) is (are) PALLET VALUE LLC, 4019 NORDHOFF WAY, BUENA PARK, CA 90620. This Business is conducted by: A LIMITED LIABILITY COMPANY. Signed: PRANKLIN PALLETS LLC/MANAGING MEMBER. Publish: Mountain Views News/JDC Dates Pub: MAR 30, APR 6, 13, 20, 2024
FICTITIOUS BUSINESS NAME STATEMENT File No. 2024-060767
The following person(s) is (are) doing business as SPEEDDISPATCH. 6612 NEWLIN AVE APT B, WHITTIER, CA 90601. Full name of registrant(s) is (are) MELCHOR VALDIVIA, 6612 NEWLIN AVE APT B, WHITTIER, CA 90601. This Business is conducted by: AN INDIVIDUAL. Signed: MELCHOR VALDIVIA ROQUE/OWNER. Publish: Mountain Views News/JDC Dates Pub: MAR 30, APR 6, 13, 20, 2024
FICTITIOUS BUSINESS NAME STATEMENT File No. 2024-060293
The following person(s) is (are) doing business as THE REPER CREW. 376 EAST ALVARADO ST, POMONA, CA 91767. Full name of registrant(s) is (are) THE REPPER CREW INC, 376 EAST ALVARADO ST, POMONA, CA 91767. This Business is conducted by: A CORPORATION. Publish: Mountain Views News/JDC Dates Pub: MAR 30, APR 6, 13, 20, 2024
FICTITIOUS BUSINESS NAME STATEMENT File No. 2024-055838
The following person(s) is (are) doing business as VANTAL SUPERIORS. 6053 WILSON AVE, SOUTH GATE, CA 90280. Full name of registrant(s) is (are) RAFAEL ANTONIO RAMIREZ, 6053 WILSON AVE, SOUTH GATE, CA 90280. This Business is conducted by: AN INDIVIDUAL. Signed: RAFAEL ANTONIO RAMIREZ/OWNER. This statement was filed with the County Clerk of Los Angeles County. Publish: Mountain Views News/JDC
Mountain Views News 80 W Sierra Madre Blvd. No. 327 Sierra Madre, Ca. 91024 Office: 626.355.2737 Fax: 626.609.3285 Email: editor@mtnviewsnews.com Website: www.mtnviewsnews.com
